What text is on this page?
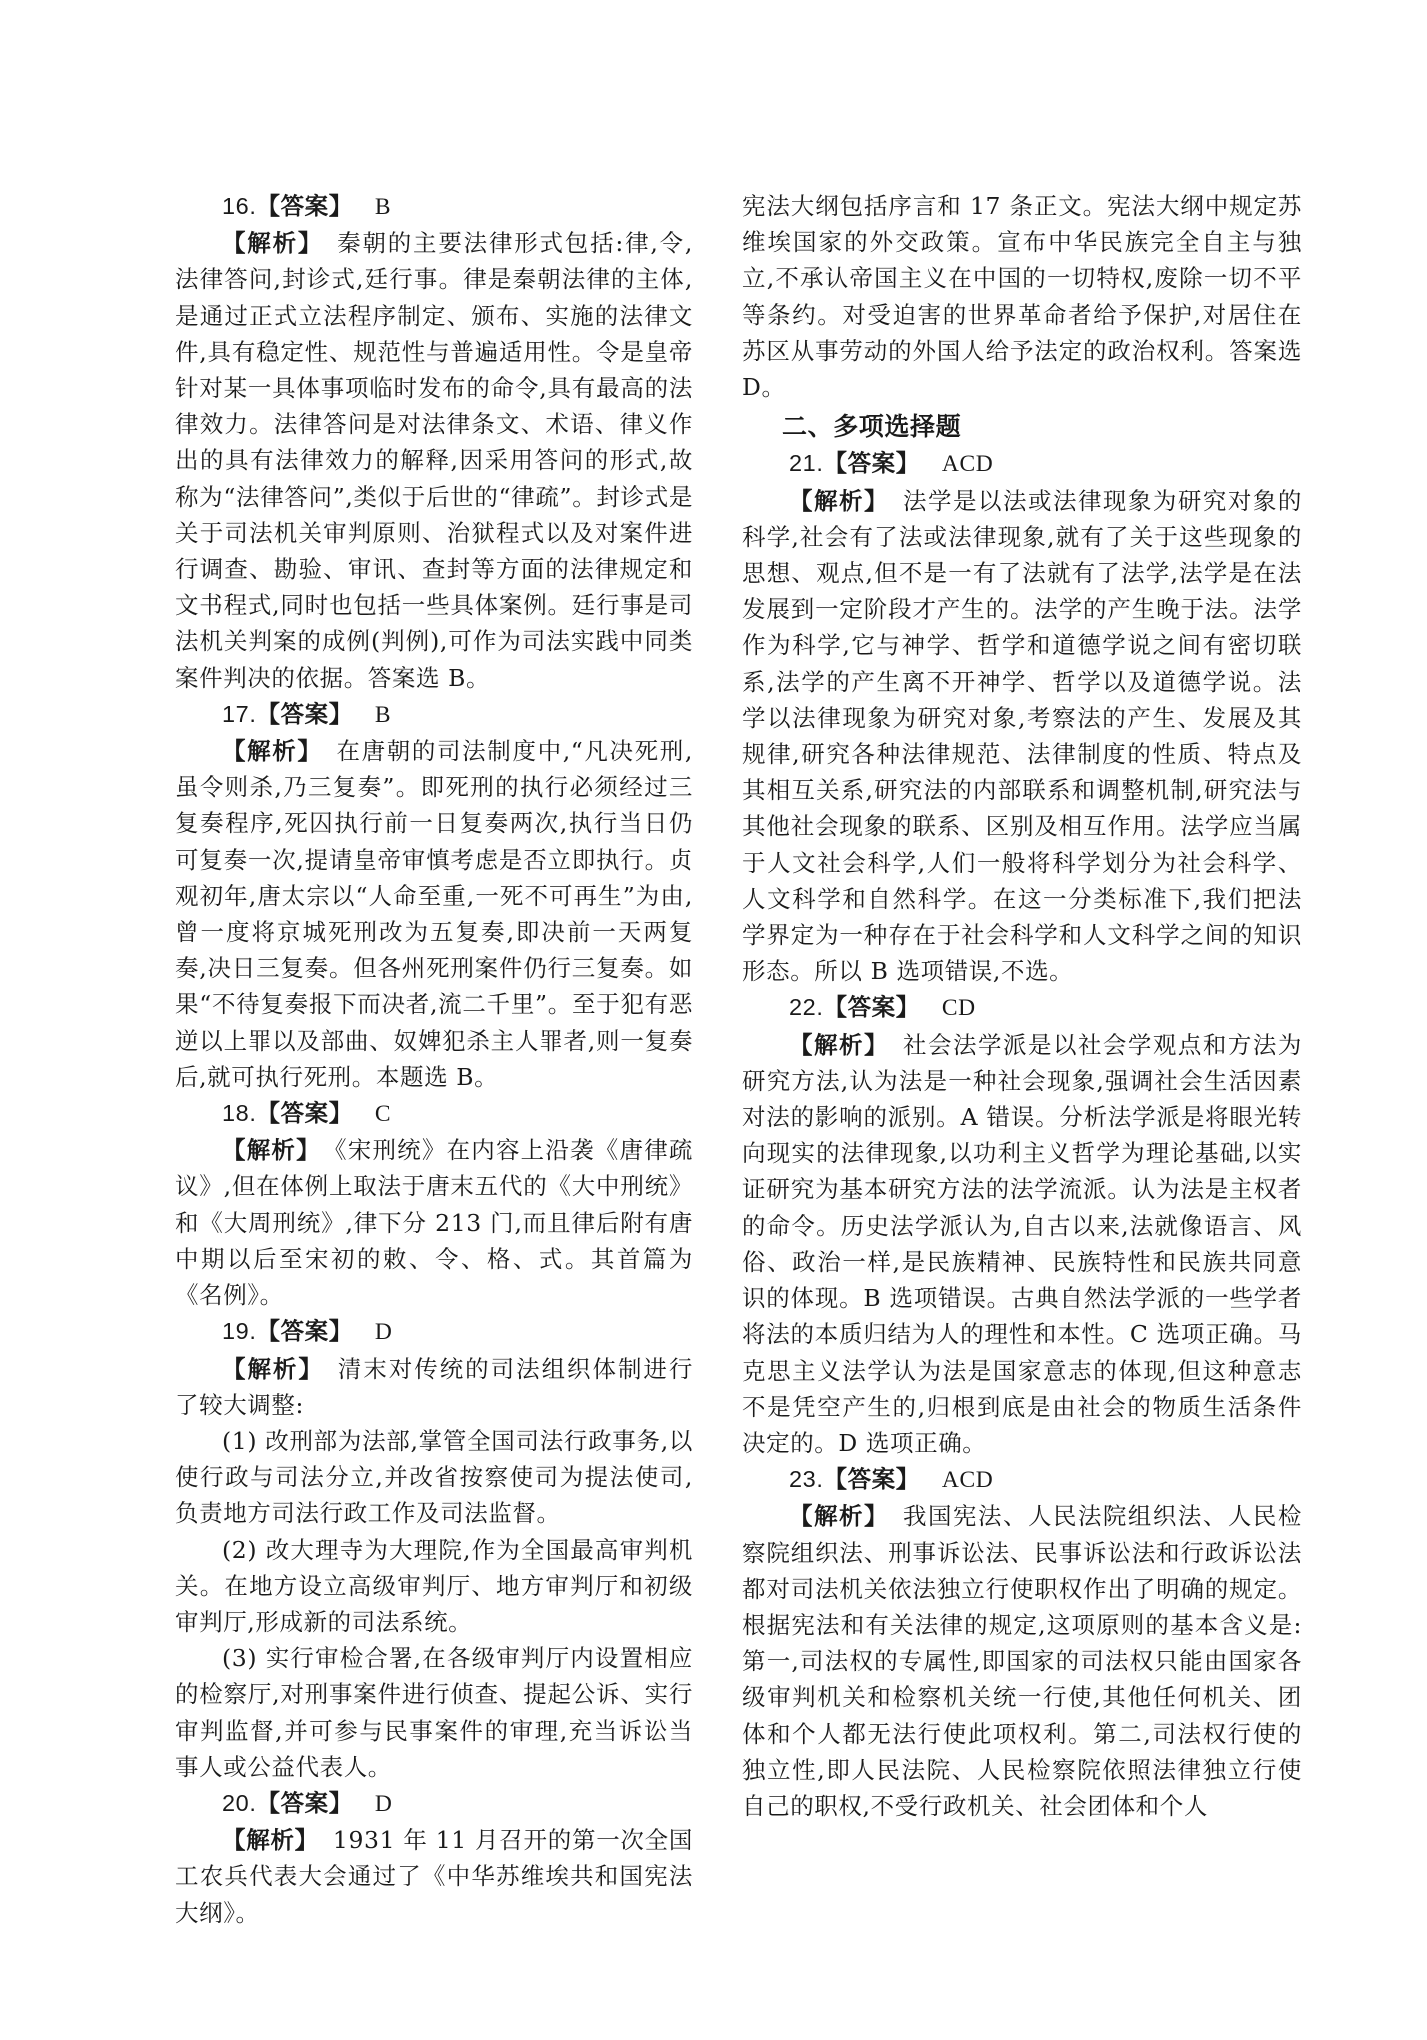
16.【答案】 B

【解析】 秦朝的主要法律形式包括:律,令,法律答问,封诊式,廷行事。律是秦朝法律的主体,是通过正式立法程序制定、颁布、实施的法律文件,具有稳定性、规范性与普遍适用性。令是皇帝针对某一具体事项临时发布的命令,具有最高的法律效力。法律答问是对法律条文、术语、律义作出的具有法律效力的解释,因采用答问的形式,故称为“法律答问”,类似于后世的“律疏”。封诊式是关于司法机关审判原则、治狱程式以及对案件进行调查、勘验、审讯、查封等方面的法律规定和文书程式,同时也包括一些具体案例。廷行事是司法机关判案的成例(判例),可作为司法实践中同类案件判决的依据。答案选 B。

17.【答案】 B

【解析】 在唐朝的司法制度中,“凡决死刑,虽令则杀,乃三复奏”。即死刑的执行必须经过三复奏程序,死囚执行前一日复奏两次,执行当日仍可复奏一次,提请皇帝审慎考虑是否立即执行。贞观初年,唐太宗以“人命至重,一死不可再生”为由,曾一度将京城死刑改为五复奏,即决前一天两复奏,决日三复奏。但各州死刑案件仍行三复奏。如果“不待复奏报下而决者,流二千里”。至于犯有恶逆以上罪以及部曲、奴婢犯杀主人罪者,则一复奏后,就可执行死刑。本题选 B。

18.【答案】 C

【解析】 《宋刑统》在内容上沿袭《唐律疏议》,但在体例上取法于唐末五代的《大中刑统》和《大周刑统》,律下分 213 门,而且律后附有唐中期以后至宋初的敕、令、格、式。其首篇为《名例》。

19.【答案】 D

【解析】 清末对传统的司法组织体制进行了较大调整:

(1) 改刑部为法部,掌管全国司法行政事务,以使行政与司法分立,并改省按察使司为提法使司,负责地方司法行政工作及司法监督。

(2) 改大理寺为大理院,作为全国最高审判机关。在地方设立高级审判厅、地方审判厅和初级审判厅,形成新的司法系统。

(3) 实行审检合署,在各级审判厅内设置相应的检察厅,对刑事案件进行侦查、提起公诉、实行审判监督,并可参与民事案件的审理,充当诉讼当事人或公益代表人。

20.【答案】 D

【解析】 1931 年 11 月召开的第一次全国工农兵代表大会通过了《中华苏维埃共和国宪法大纲》。

宪法大纲包括序言和 17 条正文。宪法大纲中规定苏维埃国家的外交政策。宣布中华民族完全自主与独立,不承认帝国主义在中国的一切特权,废除一切不平等条约。对受迫害的世界革命者给予保护,对居住在苏区从事劳动的外国人给予法定的政治权利。答案选 D。

二、多项选择题

21.【答案】 ACD

【解析】 法学是以法或法律现象为研究对象的科学,社会有了法或法律现象,就有了关于这些现象的思想、观点,但不是一有了法就有了法学,法学是在法发展到一定阶段才产生的。法学的产生晚于法。法学作为科学,它与神学、哲学和道德学说之间有密切联系,法学的产生离不开神学、哲学以及道德学说。法学以法律现象为研究对象,考察法的产生、发展及其规律,研究各种法律规范、法律制度的性质、特点及其相互关系,研究法的内部联系和调整机制,研究法与其他社会现象的联系、区别及相互作用。法学应当属于人文社会科学,人们一般将科学划分为社会科学、人文科学和自然科学。在这一分类标准下,我们把法学界定为一种存在于社会科学和人文科学之间的知识形态。所以 B 选项错误,不选。

22.【答案】 CD

【解析】 社会法学派是以社会学观点和方法为研究方法,认为法是一种社会现象,强调社会生活因素对法的影响的派别。A 错误。分析法学派是将眼光转向现实的法律现象,以功利主义哲学为理论基础,以实证研究为基本研究方法的法学流派。认为法是主权者的命令。历史法学派认为,自古以来,法就像语言、风俗、政治一样,是民族精神、民族特性和民族共同意识的体现。B 选项错误。古典自然法学派的一些学者将法的本质归结为人的理性和本性。C 选项正确。马克思主义法学认为法是国家意志的体现,但这种意志不是凭空产生的,归根到底是由社会的物质生活条件决定的。D 选项正确。

23.【答案】 ACD

【解析】 我国宪法、人民法院组织法、人民检察院组织法、刑事诉讼法、民事诉讼法和行政诉讼法都对司法机关依法独立行使职权作出了明确的规定。根据宪法和有关法律的规定,这项原则的基本含义是:第一,司法权的专属性,即国家的司法权只能由国家各级审判机关和检察机关统一行使,其他任何机关、团体和个人都无法行使此项权利。第二,司法权行使的独立性,即人民法院、人民检察院依照法律独立行使自己的职权,不受行政机关、社会团体和个人
